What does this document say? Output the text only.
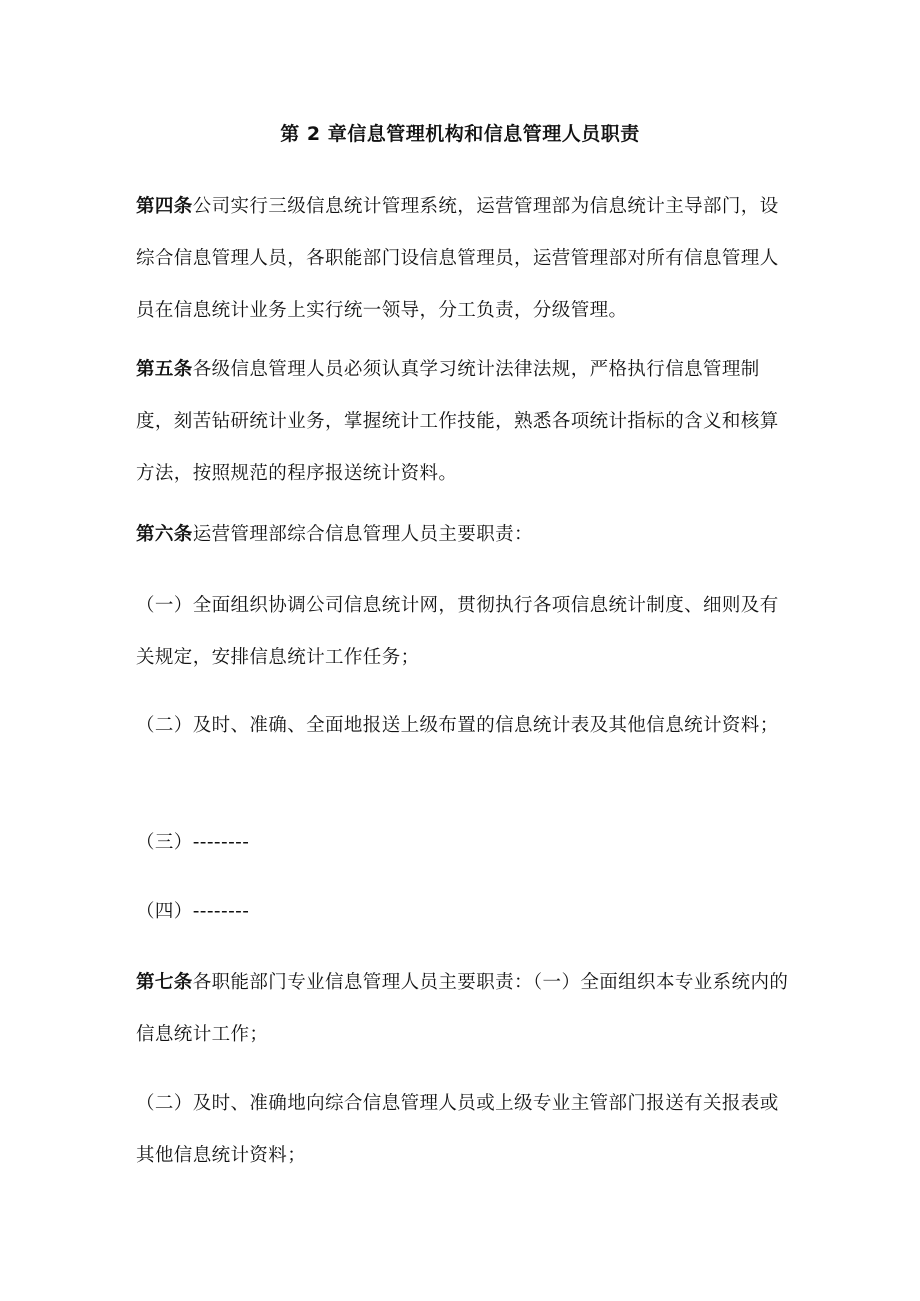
第 2 章信息管理机构和信息管理人员职责

第四条公司实行三级信息统计管理系统，运营管理部为信息统计主导部门，设综合信息管理人员，各职能部门设信息管理员，运营管理部对所有信息管理人员在信息统计业务上实行统一领导，分工负责，分级管理。

第五条各级信息管理人员必须认真学习统计法律法规，严格执行信息管理制度，刻苦钻研统计业务，掌握统计工作技能，熟悉各项统计指标的含义和核算方法，按照规范的程序报送统计资料。

第六条运营管理部综合信息管理人员主要职责：

（一）全面组织协调公司信息统计网，贯彻执行各项信息统计制度、细则及有关规定，安排信息统计工作任务；

（二）及时、准确、全面地报送上级布置的信息统计表及其他信息统计资料；

（三）--------

（四）--------

第七条各职能部门专业信息管理人员主要职责：（一）全面组织本专业系统内的信息统计工作；

（二）及时、准确地向综合信息管理人员或上级专业主管部门报送有关报表或其他信息统计资料；
